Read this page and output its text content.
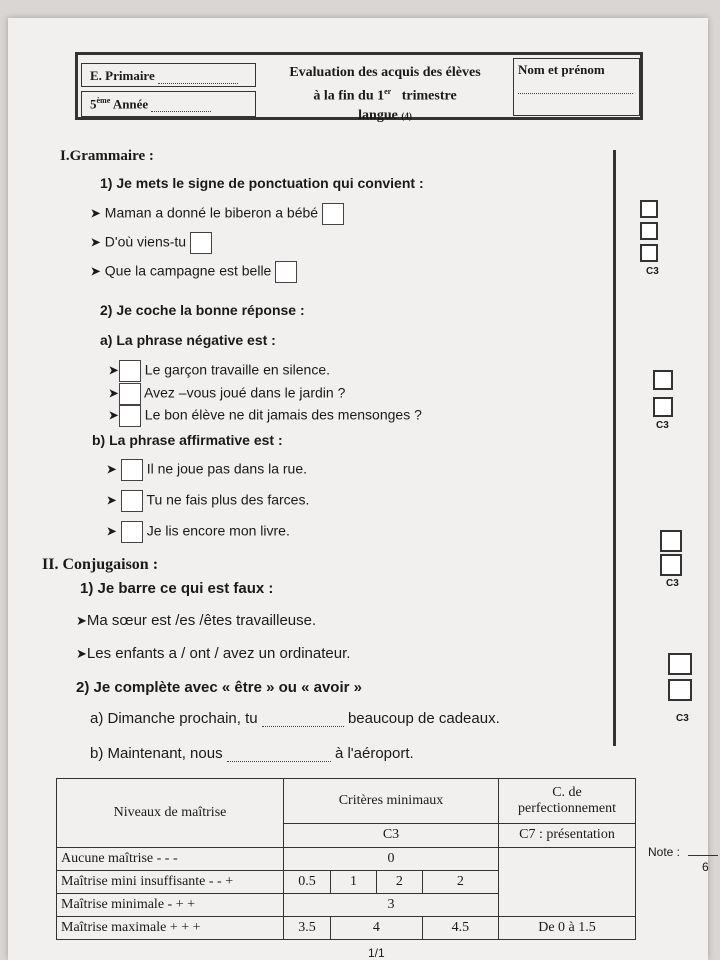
E. Primaire
5ème Année
Evaluation des acquis des élèves
à la fin du 1er trimestre
langue (4)
Nom et prénom
I.Grammaire :
1) Je mets le signe de ponctuation qui convient :
➤ Maman a donné le biberon a bébé
➤ D'où viens-tu
➤ Que la campagne est belle
2) Je coche la bonne réponse :
a) La phrase négative est :
➤ Le garçon travaille en silence.
➤ Avez –vous joué dans le jardin ?
➤ Le bon élève ne dit jamais des mensonges ?
b) La phrase affirmative est :
➤ Il ne joue pas dans la rue.
➤ Tu ne fais plus des farces.
➤ Je lis encore mon livre.
II. Conjugaison :
1) Je barre ce qui est faux :
➤Ma sœur est /es /êtes travailleuse.
➤Les enfants a / ont / avez un ordinateur.
2) Je complète avec « être » ou « avoir »
a) Dimanche prochain, tu	beaucoup de cadeaux.
b) Maintenant, nous	à l'aéroport.
C3
C3
C3
C3
Niveaux de maîtrise	Critères minimaux				C. de perfectionnement
	C3				C7 : présentation
Aucune maîtrise - - -	0				
Maîtrise mini insuffisante - - +	0.5	1	2	2	
Maîtrise minimale - + +	3				
Maîtrise maximale + + +	3.5	4		4.5	De 0 à 1.5
Note :
6
1/1
